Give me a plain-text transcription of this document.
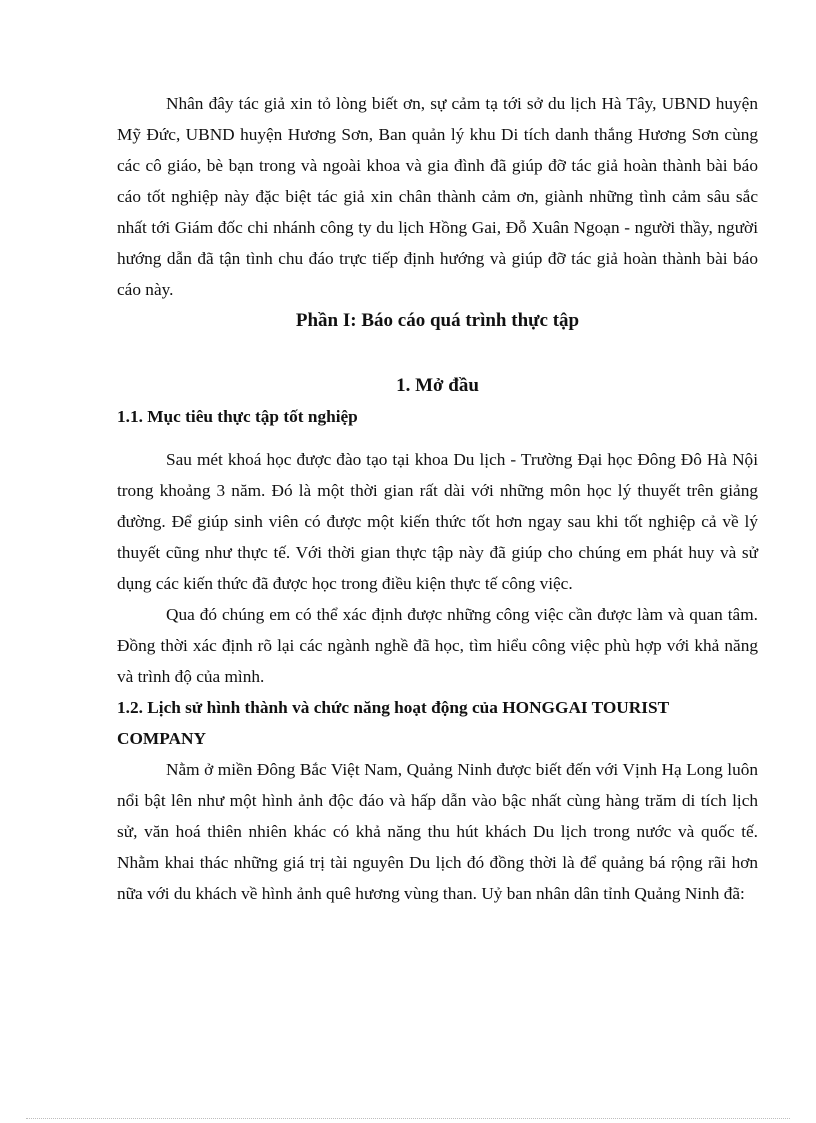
Nhân đây tác giả xin tỏ lòng biết ơn, sự cảm tạ tới sở du lịch Hà Tây, UBND huyện Mỹ Đức, UBND huyện Hương Sơn, Ban quản lý khu Di tích danh thắng Hương Sơn cùng các cô giáo, bè bạn trong và ngoài khoa và gia đình đã giúp đỡ tác giả hoàn thành bài báo cáo tốt nghiệp này đặc biệt tác giả xin chân thành cảm ơn, giành những tình cảm sâu sắc nhất tới Giám đốc chi nhánh công ty du lịch Hồng Gai, Đỗ Xuân Ngoạn - người thầy, người hướng dẫn đã tận tình chu đáo trực tiếp định hướng và giúp đỡ tác giả hoàn thành bài báo cáo này.

Phần I: Báo cáo quá trình thực tập
1. Mở đầu
1.1. Mục tiêu thực tập tốt nghiệp

Sau mét khoá học được đào tạo tại khoa Du lịch - Trường Đại học Đông Đô Hà Nội trong khoảng 3 năm. Đó là một thời gian rất dài với những môn học lý thuyết trên giảng đường. Để giúp sinh viên có được một kiến thức tốt hơn ngay sau khi tốt nghiệp cả về lý thuyết cũng như thực tế. Với thời gian thực tập này đã giúp cho chúng em phát huy và sử dụng các kiến thức đã được học trong điều kiện thực tế công việc.

Qua đó chúng em có thể xác định được những công việc cần được làm và quan tâm. Đồng thời xác định rõ lại các ngành nghề đã học, tìm hiểu công việc phù hợp với khả năng và trình độ của mình.

1.2. Lịch sử hình thành và chức năng hoạt động của HONGGAI TOURIST COMPANY

Nằm ở miền Đông Bắc Việt Nam, Quảng Ninh được biết đến với Vịnh Hạ Long luôn nổi bật lên như một hình ảnh độc đáo và hấp dẫn vào bậc nhất cùng hàng trăm di tích lịch sử, văn hoá thiên nhiên khác có khả năng thu hút khách Du lịch trong nước và quốc tế. Nhằm khai thác những giá trị tài nguyên Du lịch đó đồng thời là để quảng bá rộng rãi hơn nữa với du khách về hình ảnh quê hương vùng than. Uỷ ban nhân dân tỉnh Quảng Ninh đã:
